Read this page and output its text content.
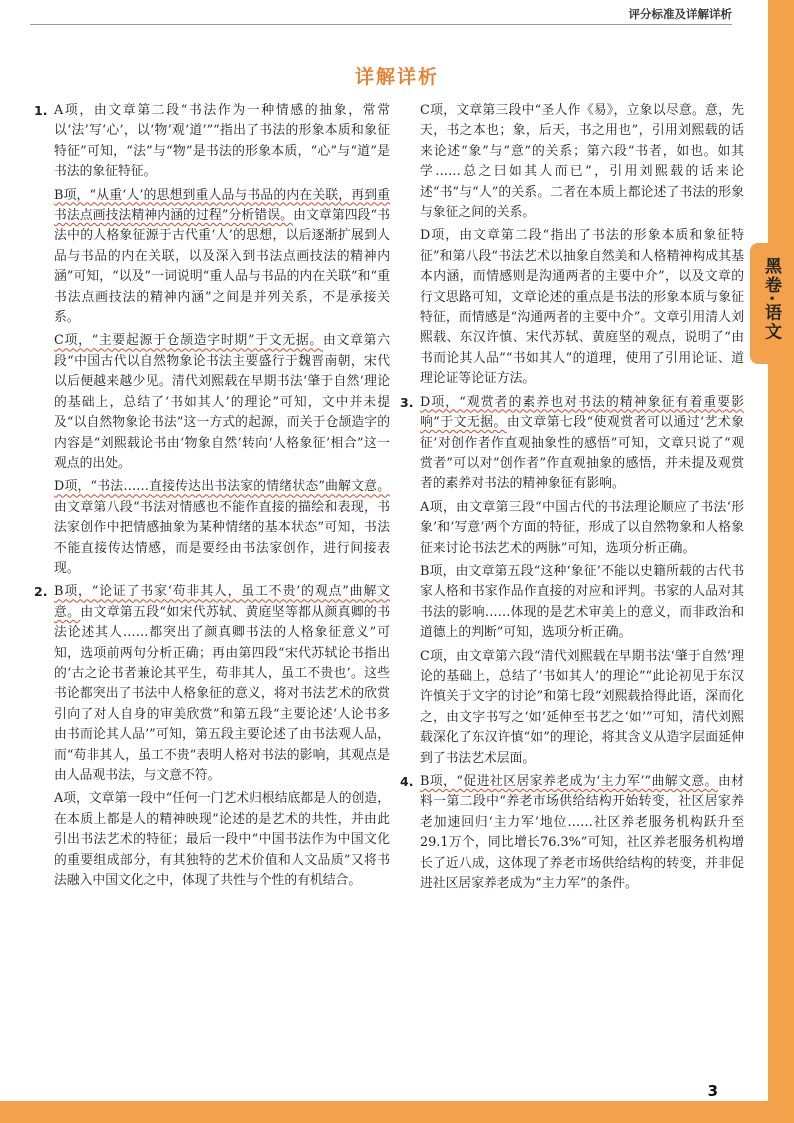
评分标准及详解详析
黑卷·语文
详解详析
1. A项，由文章第二段“书法作为一种情感的抽象，常常以‘法’写‘心’，以‘物’观‘道’”“指出了书法的形象本质和象征特征”可知，“法”与“物”是书法的形象本质，“心”与“道”是书法的象征特征。

B项，“从重‘人’的思想到重人品与书品的内在关联，再到重书法点画技法精神内涵的过程”分析错误。由文章第四段“书法中的人格象征源于古代重‘人’的思想，以后逐渐扩展到人品与书品的内在关联，以及深入到书法点画技法的精神内涵”可知，“以及”一词说明“重人品与书品的内在关联”和“重书法点画技法的精神内涵”之间是并列关系，不是承接关系。

C项，“主要起源于仓颉造字时期”于文无据。由文章第六段“中国古代以自然物象论书法主要盛行于魏晋南朝，宋代以后便越来越少见。清代刘熙载在早期书法‘肇于自然’理论的基础上，总结了‘书如其人’的理论”可知，文中并未提及“以自然物象论书法”这一方式的起源，而关于仓颉造字的内容是“刘熙载论书由‘物象自然’转向‘人格象征’相合”这一观点的出处。

D项，“书法……直接传达出书法家的情绪状态”曲解文意。由文章第八段“书法对情感也不能作直接的描绘和表现，书法家创作中把情感抽象为某种情绪的基本状态”可知，书法不能直接传达情感，而是要经由书法家创作，进行间接表现。

2. B项，“论证了书家‘苟非其人，虽工不贵’的观点”曲解文意。由文章第五段“如宋代苏轼、黄庭坚等都从颜真卿的书法论述其人……都突出了颜真卿书法的人格象征意义”可知，选项前两句分析正确；再由第四段“宋代苏轼论书指出的‘古之论书者兼论其平生，苟非其人，虽工不贵也’。这些书论都突出了书法中人格象征的意义，将对书法艺术的欣赏引向了对人自身的审美欣赏”和第五段“主要论述‘人论书多由书而论其人品’”可知，第五段主要论述了由书法观人品，而“苟非其人，虽工不贵”表明人格对书法的影响，其观点是由人品观书法，与文意不符。

A项，文章第一段中“任何一门艺术归根结底都是人的创造，在本质上都是人的精神映现”论述的是艺术的共性，并由此引出书法艺术的特征；最后一段中“中国书法作为中国文化的重要组成部分，有其独特的艺术价值和人文品质”又将书法融入中国文化之中，体现了共性与个性的有机结合。

C项，文章第三段中“圣人作《易》，立象以尽意。意，先天，书之本也；象，后天，书之用也”，引用刘熙载的话来论述“象”与“意”的关系；第六段“书者，如也。如其学……总之曰如其人而已”，引用刘熙载的话来论述“书”与“人”的关系。二者在本质上都论述了书法的形象与象征之间的关系。

D项，由文章第二段“指出了书法的形象本质和象征特征”和第八段“书法艺术以抽象自然美和人格精神构成其基本内涵，而情感则是沟通两者的主要中介”，以及文章的行文思路可知，文章论述的重点是书法的形象本质与象征特征，而情感是“沟通两者的主要中介”。文章引用清人刘熙载、东汉许慎、宋代苏轼、黄庭坚的观点，说明了“由书而论其人品”“书如其人”的道理，使用了引用论证、道理论证等论证方法。

3. D项，“观赏者的素养也对书法的精神象征有着重要影响”于文无据。由文章第七段“使观赏者可以通过‘艺术象征’对创作者作直观抽象性的感悟”可知，文章只说了“观赏者”可以对“创作者”作直观抽象的感悟，并未提及观赏者的素养对书法的精神象征有影响。

A项，由文章第三段“中国古代的书法理论顺应了书法‘形象’和‘写意’两个方面的特征，形成了以自然物象和人格象征来讨论书法艺术的两脉”可知，选项分析正确。

B项，由文章第五段“这种‘象征’不能以史籍所载的古代书家人格和书家作品作直接的对应和评判。书家的人品对其书法的影响……体现的是艺术审美上的意义，而非政治和道德上的判断”可知，选项分析正确。

C项，由文章第六段“清代刘熙载在早期书法‘肇于自然’理论的基础上，总结了‘书如其人’的理论”“此论初见于东汉许慎关于文字的讨论”和第七段“刘熙载拾得此语，深而化之，由文字书写之‘如’延伸至书艺之‘如’”可知，清代刘熙载深化了东汉许慎“如”的理论，将其含义从造字层面延伸到了书法艺术层面。

4. B项，“促进社区居家养老成为‘主力军’”曲解文意。由材料一第二段中“养老市场供给结构开始转变，社区居家养老加速回归‘主力军’地位……社区养老服务机构跃升至29.1万个，同比增长76.3%”可知，社区养老服务机构增长了近八成，这体现了养老市场供给结构的转变，并非促进社区居家养老成为“主力军”的条件。

3
